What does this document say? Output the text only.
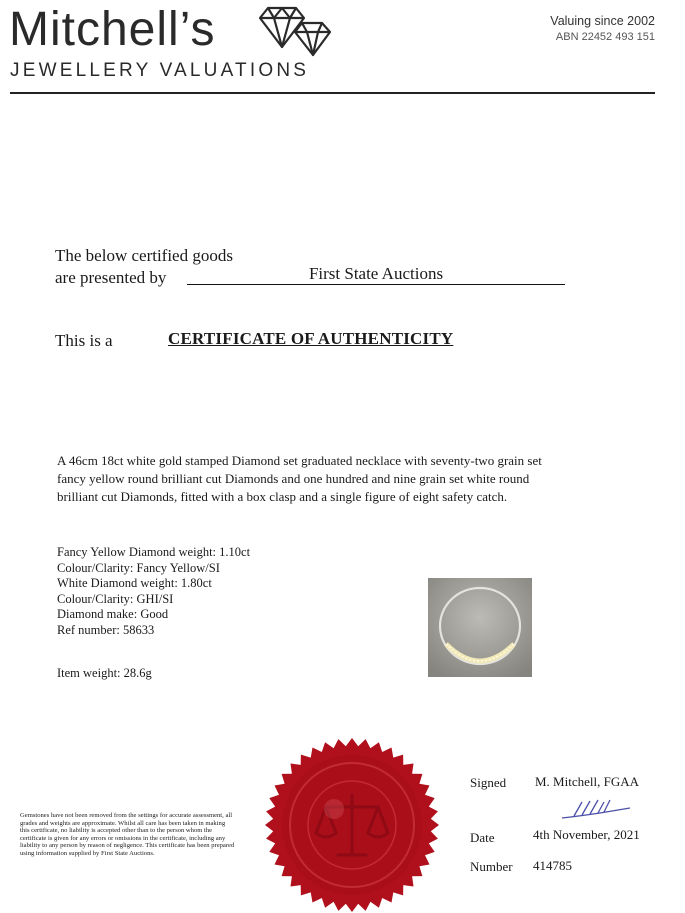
Mitchell’s
JEWELLERY VALUATIONS
Valuing since 2002
ABN 22452 493 151
The below certified goods
are presented by	First State Auctions
This is a	CERTIFICATE OF AUTHENTICITY
A 46cm 18ct white gold stamped Diamond set graduated necklace with seventy-two grain set fancy yellow round brilliant cut Diamonds and one hundred and nine grain set white round brilliant cut Diamonds, fitted with a box clasp and a single figure of eight safety catch.
Fancy Yellow Diamond weight: 1.10ct
Colour/Clarity: Fancy Yellow/SI
White Diamond weight: 1.80ct
Colour/Clarity: GHI/SI
Diamond make: Good
Ref number: 58633
Item weight: 28.6g
Gemstones have not been removed from the settings for accurate assessment, all grades and weights are approximate. Whilst all care has been taken in making this certificate, no liability is accepted other than to the person whom the certificate is given for any errors or omissions in the certificate, including any liability to any person by reason of negligence. This certificate has been prepared using information supplied by First State Auctions.
Signed M. Mitchell, FGAA
Date	4th November, 2021
Number 414785
